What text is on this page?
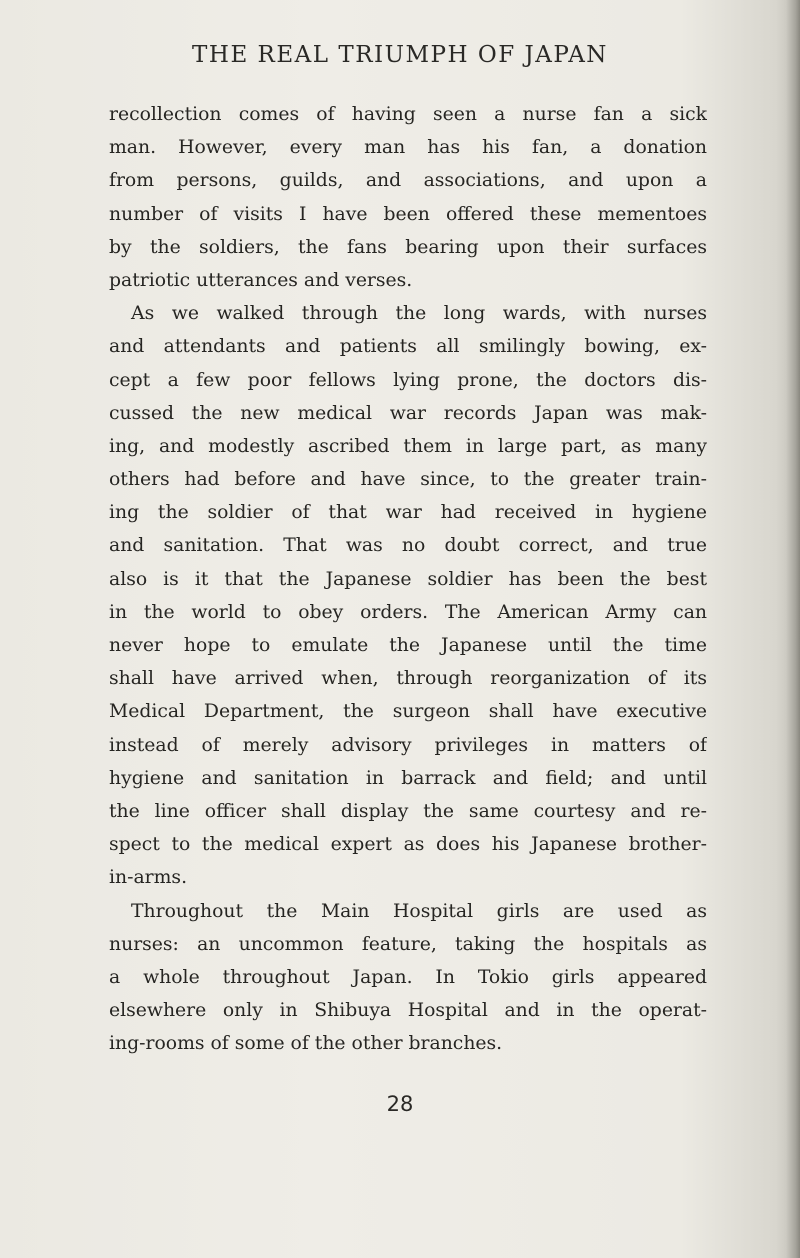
THE REAL TRIUMPH OF JAPAN
recollection comes of having seen a nurse fan a sick
man. However, every man has his fan, a donation
from persons, guilds, and associations, and upon a
number of visits I have been offered these mementoes
by the soldiers, the fans bearing upon their surfaces
patriotic utterances and verses.
As we walked through the long wards, with nurses
and attendants and patients all smilingly bowing, ex-
cept a few poor fellows lying prone, the doctors dis-
cussed the new medical war records Japan was mak-
ing, and modestly ascribed them in large part, as many
others had before and have since, to the greater train-
ing the soldier of that war had received in hygiene
and sanitation. That was no doubt correct, and true
also is it that the Japanese soldier has been the best
in the world to obey orders. The American Army can
never hope to emulate the Japanese until the time
shall have arrived when, through reorganization of its
Medical Department, the surgeon shall have executive
instead of merely advisory privileges in matters of
hygiene and sanitation in barrack and field; and until
the line officer shall display the same courtesy and re-
spect to the medical expert as does his Japanese brother-
in-arms.
Throughout the Main Hospital girls are used as
nurses: an uncommon feature, taking the hospitals as
a whole throughout Japan. In Tokio girls appeared
elsewhere only in Shibuya Hospital and in the operat-
ing-rooms of some of the other branches.
28
